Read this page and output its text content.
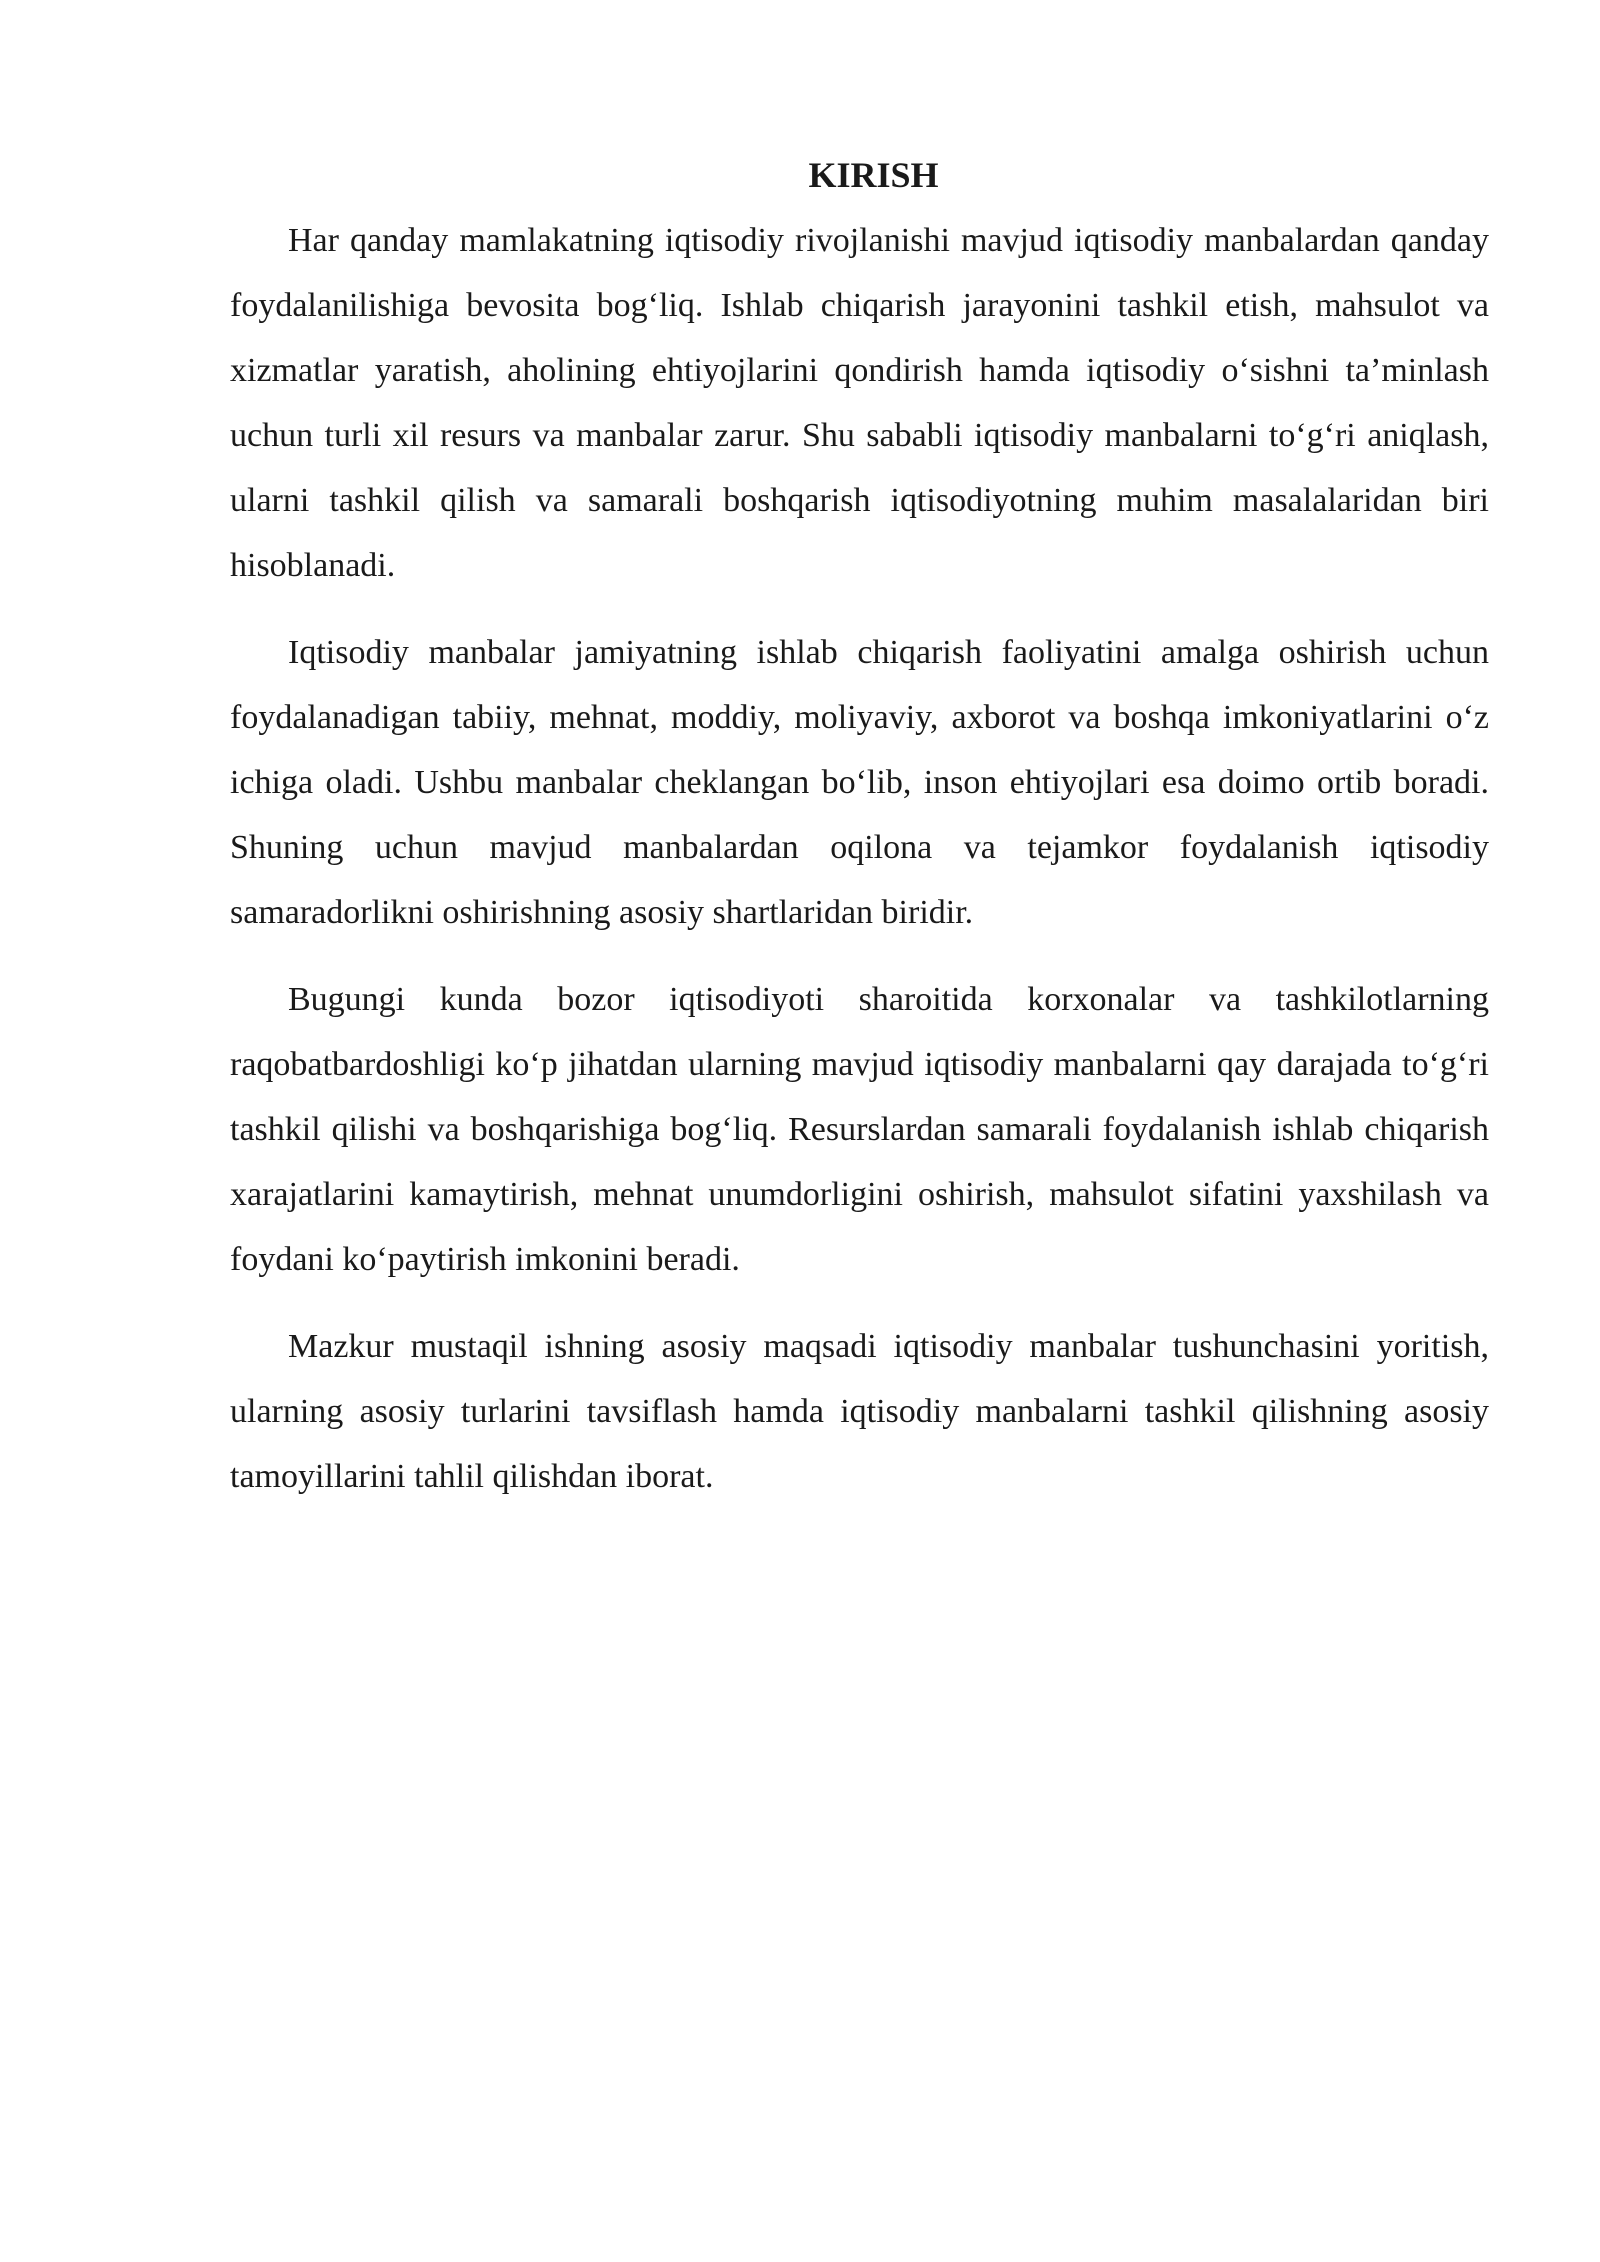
KIRISH

Har qanday mamlakatning iqtisodiy rivojlanishi mavjud iqtisodiy manbalardan qanday foydalanilishiga bevosita bog‘liq. Ishlab chiqarish jarayonini tashkil etish, mahsulot va xizmatlar yaratish, aholining ehtiyojlarini qondirish hamda iqtisodiy o‘sishni ta’minlash uchun turli xil resurs va manbalar zarur. Shu sababli iqtisodiy manbalarni to‘g‘ri aniqlash, ularni tashkil qilish va samarali boshqarish iqtisodiyotning muhim masalalaridan biri hisoblanadi.

Iqtisodiy manbalar jamiyatning ishlab chiqarish faoliyatini amalga oshirish uchun foydalanadigan tabiiy, mehnat, moddiy, moliyaviy, axborot va boshqa imkoniyatlarini o‘z ichiga oladi. Ushbu manbalar cheklangan bo‘lib, inson ehtiyojlari esa doimo ortib boradi. Shuning uchun mavjud manbalardan oqilona va tejamkor foydalanish iqtisodiy samaradorlikni oshirishning asosiy shartlaridan biridir.

Bugungi kunda bozor iqtisodiyoti sharoitida korxonalar va tashkilotlarning raqobatbardoshligi ko‘p jihatdan ularning mavjud iqtisodiy manbalarni qay darajada to‘g‘ri tashkil qilishi va boshqarishiga bog‘liq. Resurslardan samarali foydalanish ishlab chiqarish xarajatlarini kamaytirish, mehnat unumdorligini oshirish, mahsulot sifatini yaxshilash va foydani ko‘paytirish imkonini beradi.

Mazkur mustaqil ishning asosiy maqsadi iqtisodiy manbalar tushunchasini yoritish, ularning asosiy turlarini tavsiflash hamda iqtisodiy manbalarni tashkil qilishning asosiy tamoyillarini tahlil qilishdan iborat.
